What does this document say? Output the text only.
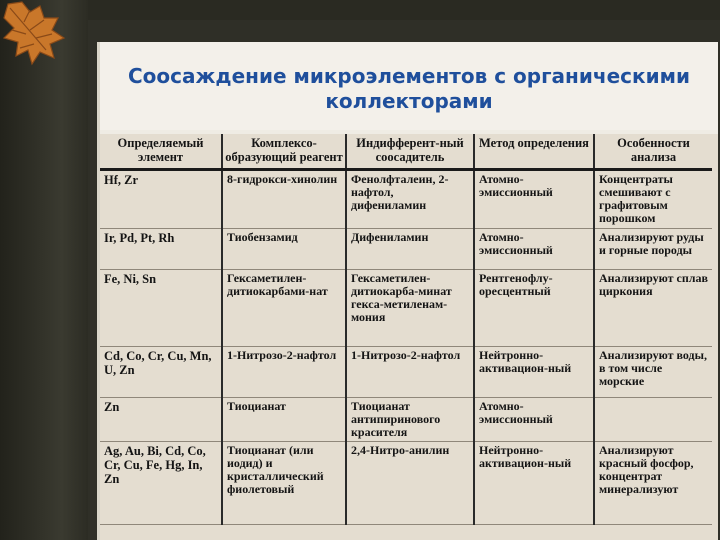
Соосаждение микроэлементов с органическими коллекторами
Определяемый элемент	Комплексо-образующий реагент	Индифферент-ный соосадитель	Метод определения	Особенности анализа
Hf, Zr	8-гидрокси-хинолин	Фенолфталеин, 2-нафтол, дифениламин	Атомно-эмиссионный	Концентраты смешивают с графитовым порошком
Ir, Pd, Pt, Rh	Тиобензамид	Дифениламин	Атомно-эмиссионный	Анализируют руды и горные породы
Fe, Ni, Sn	Гексаметилен-дитиокарбами-нат	Гексаметилен-дитиокарба-минат гекса-метиленам-мония	Рентгенофлу-оресцентный	Анализируют сплав циркония
Cd, Co, Cr, Cu, Mn, U, Zn	1-Нитрозо-2-нафтол	1-Нитрозо-2-нафтол	Нейтронно-активацион-ный	Анализируют воды, в том числе морские
Zn	Тиоцианат	Тиоцианат антипиринового красителя	Атомно-эмиссионный	
Ag, Au, Bi, Cd, Co, Cr, Cu, Fe, Hg, In, Zn	Тиоцианат (или иодид) и кристаллический фиолетовый	2,4-Нитро-анилин	Нейтронно-активацион-ный	Анализируют красный фосфор, концентрат минерализуют
